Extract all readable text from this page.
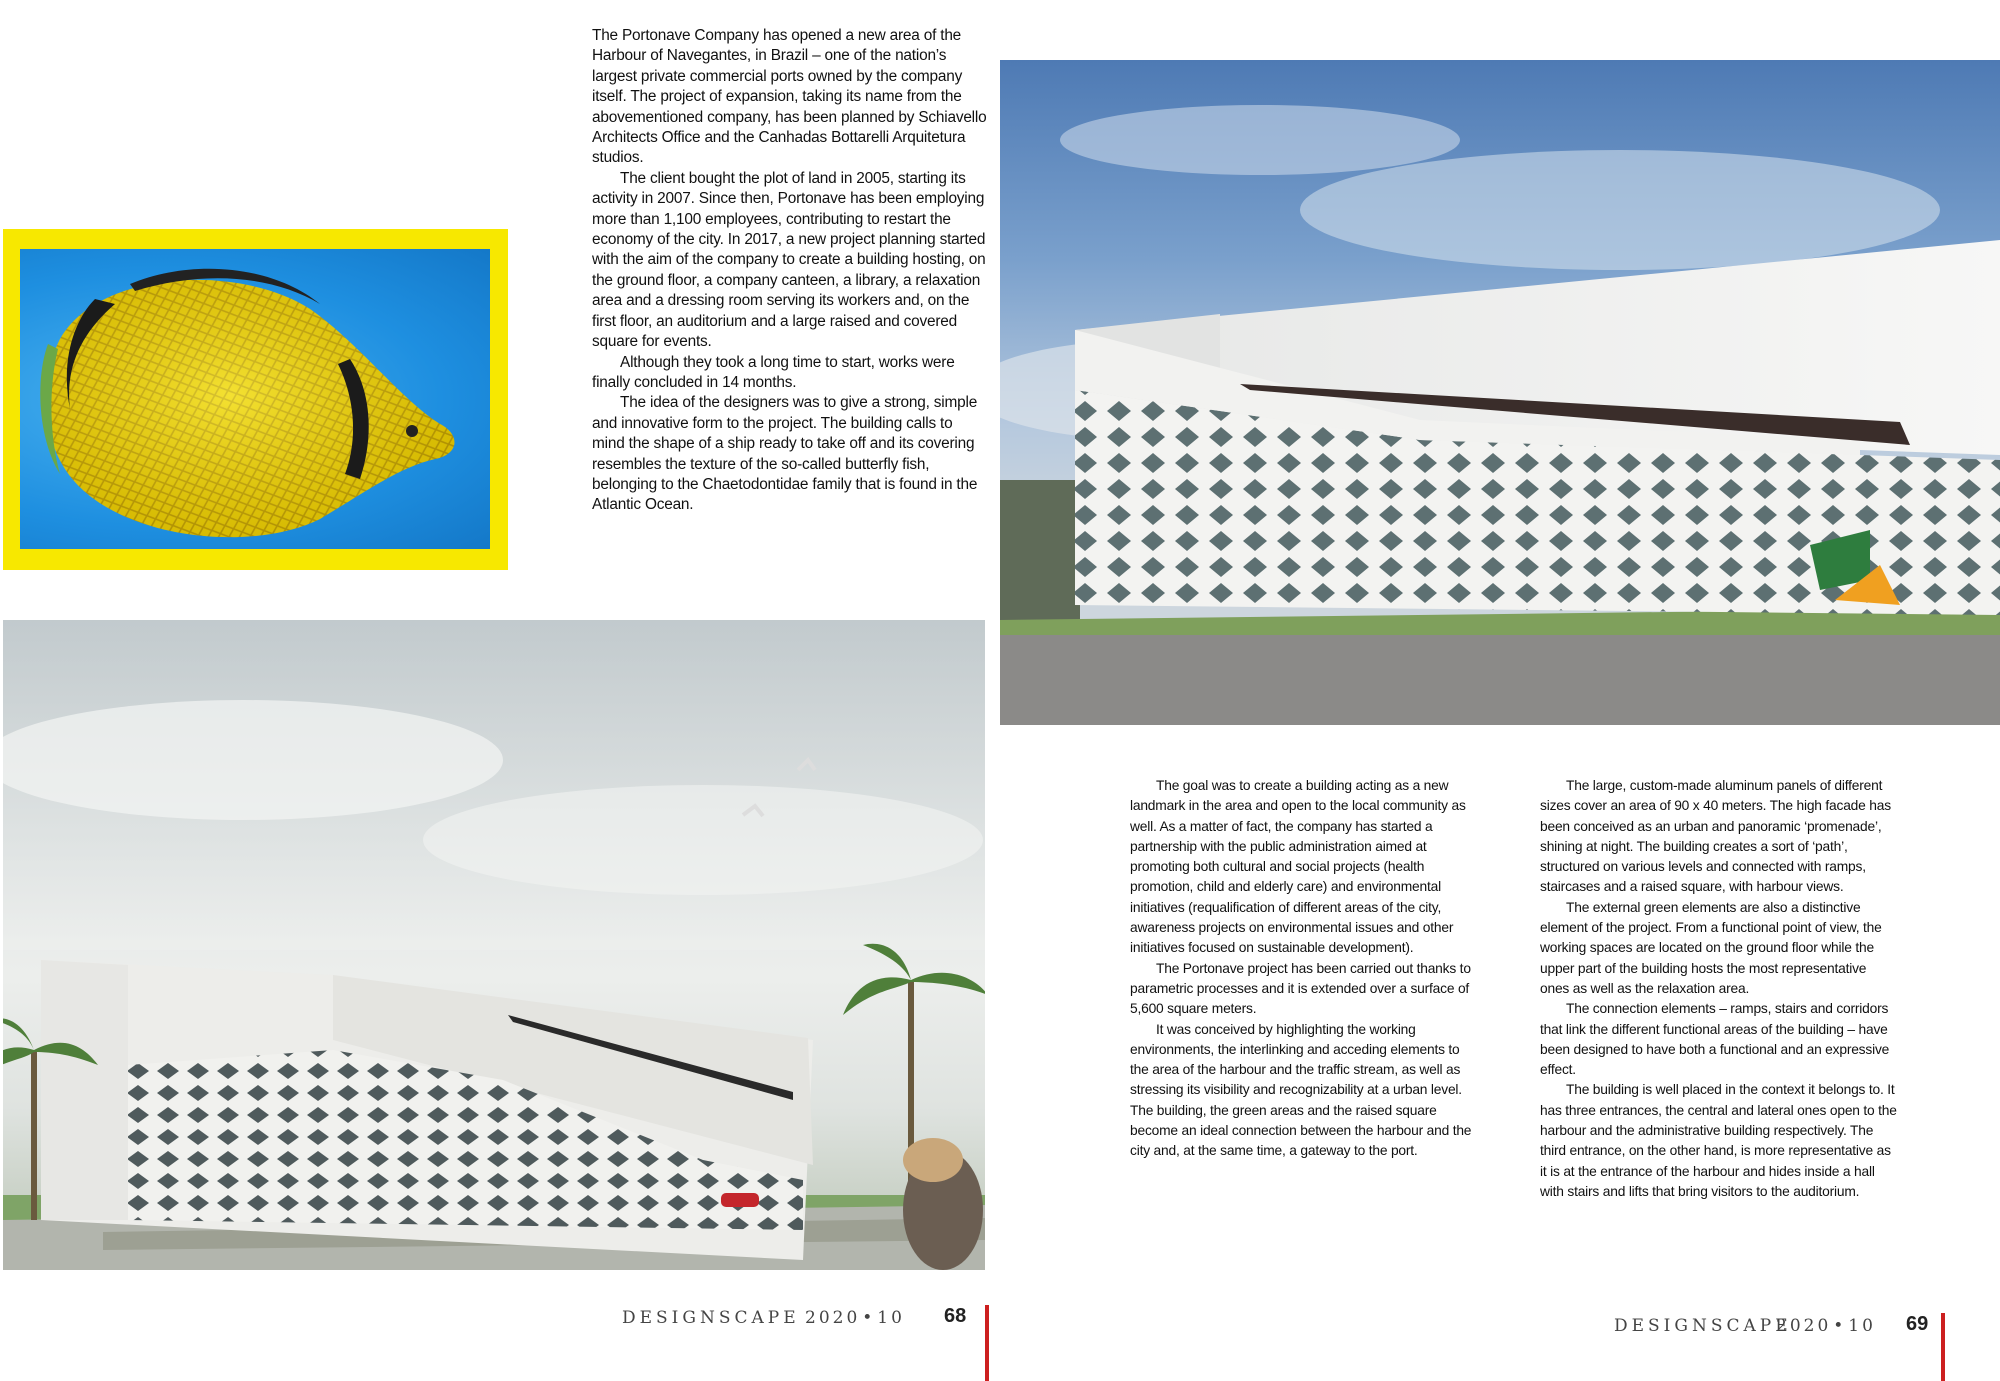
The Portonave Company has opened a new area of the Harbour of Navegantes, in Brazil – one of the nation’s largest private commercial ports owned by the company itself. The project of expansion, taking its name from the abovementioned company, has been planned by Schiavello Architects Office and the Canhadas Bottarelli Arquitetura studios.

The client bought the plot of land in 2005, starting its activity in 2007. Since then, Portonave has been employing more than 1,100 employees, contributing to restart the economy of the city. In 2017, a new project planning started with the aim of the company to create a building hosting, on the ground floor, a company canteen, a library, a relaxation area and a dressing room serving its workers and, on the first floor, an auditorium and a large raised and covered square for events.

Although they took a long time to start, works were finally concluded in 14 months.

The idea of the designers was to give a strong, simple and innovative form to the project. The building calls to mind the shape of a ship ready to take off and its covering resembles the texture of the so-called butterfly fish, belonging to the Chaetodontidae family that is found in the Atlantic Ocean.

DESIGNSCAPE 2020 • 10 68

The goal was to create a building acting as a new landmark in the area and open to the local community as well. As a matter of fact, the company has started a partnership with the public administration aimed at promoting both cultural and social projects (health promotion, child and elderly care) and environmental initiatives (requalification of different areas of the city, awareness projects on environmental issues and other initiatives focused on sustainable development).

The Portonave project has been carried out thanks to parametric processes and it is extended over a surface of 5,600 square meters.

It was conceived by highlighting the working environments, the interlinking and acceding elements to the area of the harbour and the traffic stream, as well as stressing its visibility and recognizability at a urban level. The building, the green areas and the raised square become an ideal connection between the harbour and the city and, at the same time, a gateway to the port.

The large, custom-made aluminum panels of different sizes cover an area of 90 x 40 meters. The high facade has been conceived as an urban and panoramic ‘promenade’, shining at night. The building creates a sort of ‘path’, structured on various levels and connected with ramps, staircases and a raised square, with harbour views.

The external green elements are also a distinctive element of the project. From a functional point of view, the working spaces are located on the ground floor while the upper part of the building hosts the most representative ones as well as the relaxation area.

The connection elements – ramps, stairs and corridors that link the different functional areas of the building – have been designed to have both a functional and an expressive effect.

The building is well placed in the context it belongs to. It has three entrances, the central and lateral ones open to the harbour and the administrative building respectively. The third entrance, on the other hand, is more representative as it is at the entrance of the harbour and hides inside a hall with stairs and lifts that bring visitors to the auditorium.

DESIGNSCAPE
2020 • 10 69
